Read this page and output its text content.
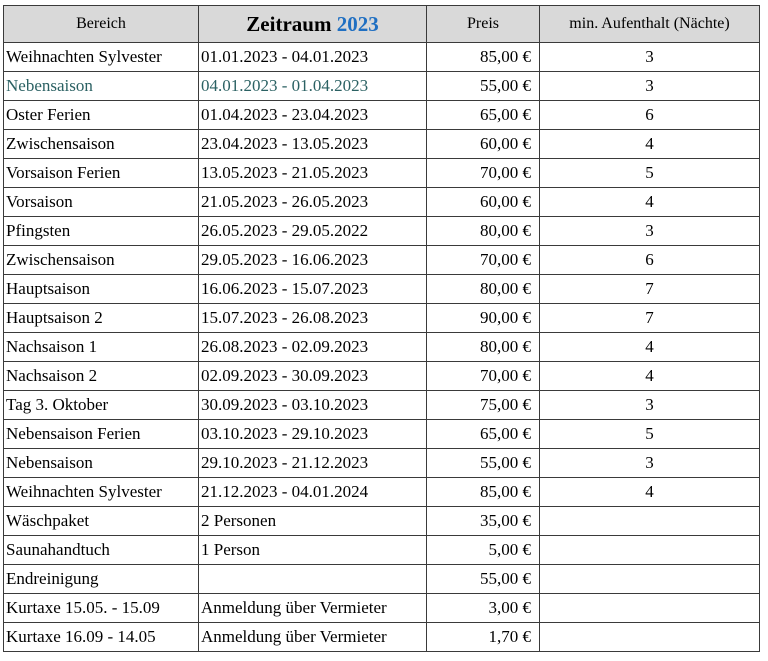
Bereich	Zeitraum 2023	Preis	min. Aufenthalt (Nächte)
Weihnachten Sylvester	01.01.2023 - 04.01.2023	85,00 €	3
Nebensaison	04.01.2023 - 01.04.2023	55,00 €	3
Oster Ferien	01.04.2023 - 23.04.2023	65,00 €	6
Zwischensaison	23.04.2023 - 13.05.2023	60,00 €	4
Vorsaison Ferien	13.05.2023 - 21.05.2023	70,00 €	5
Vorsaison	21.05.2023 - 26.05.2023	60,00 €	4
Pfingsten	26.05.2023 - 29.05.2022	80,00 €	3
Zwischensaison	29.05.2023 - 16.06.2023	70,00 €	6
Hauptsaison	16.06.2023 - 15.07.2023	80,00 €	7
Hauptsaison 2	15.07.2023 - 26.08.2023	90,00 €	7
Nachsaison 1	26.08.2023 - 02.09.2023	80,00 €	4
Nachsaison 2	02.09.2023 - 30.09.2023	70,00 €	4
Tag 3. Oktober	30.09.2023 - 03.10.2023	75,00 €	3
Nebensaison Ferien	03.10.2023 - 29.10.2023	65,00 €	5
Nebensaison	29.10.2023 - 21.12.2023	55,00 €	3
Weihnachten Sylvester	21.12.2023 - 04.01.2024	85,00 €	4
Wäschpaket	2 Personen	35,00 €	
Saunahandtuch	1 Person	5,00 €	
Endreinigung		55,00 €	
Kurtaxe 15.05. - 15.09	Anmeldung über Vermieter	3,00 €	
Kurtaxe 16.09 - 14.05	Anmeldung über Vermieter	1,70 €	
